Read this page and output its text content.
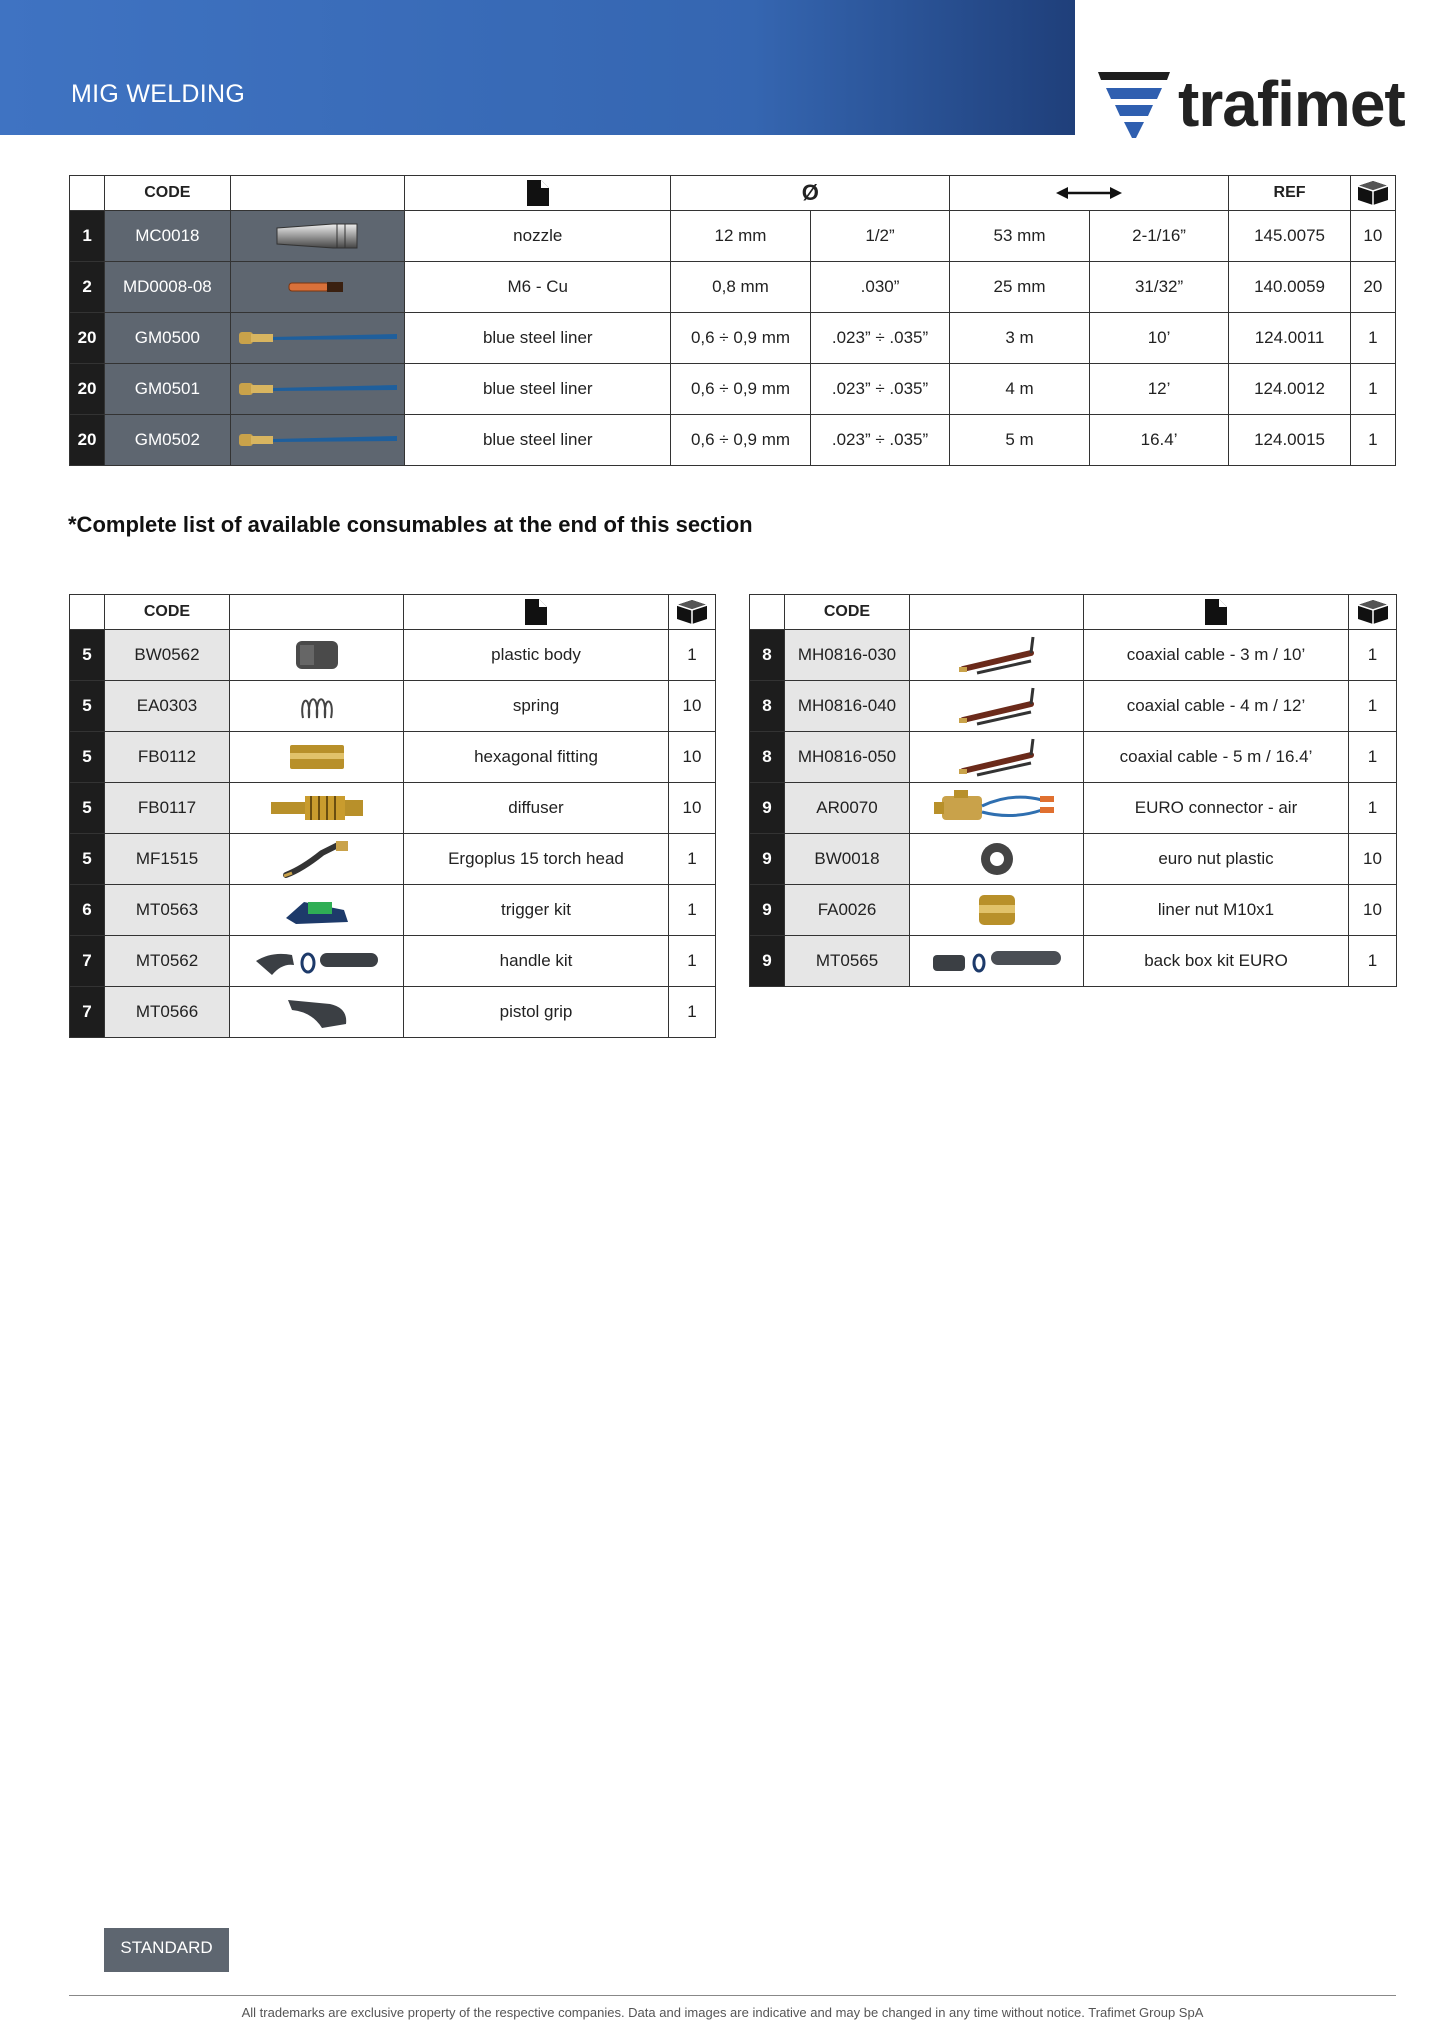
MIG WELDING	trafimet
	CODE			Ø				REF	

1	MC0018		nozzle	12 mm	1/2”	53 mm	2-1/16”	145.0075	10
2	MD0008-08		M6 - Cu	0,8 mm	.030”	25 mm	31/32”	140.0059	20
20	GM0500		blue steel liner	0,6 ÷ 0,9 mm	.023” ÷ .035”	3 m	10’	124.0011	1
20	GM0501		blue steel liner	0,6 ÷ 0,9 mm	.023” ÷ .035”	4 m	12’	124.0012	1
20	GM0502		blue steel liner	0,6 ÷ 0,9 mm	.023” ÷ .035”	5 m	16.4’	124.0015	1
*Complete list of available consumables at the end of this section
	CODE		

5	BW0562		plastic body	1
5	EA0303		spring	10
5	FB0112		hexagonal fitting	10
5	FB0117		diffuser	10
5	MF1515		Ergoplus 15 torch head	1
6	MT0563		trigger kit	1
7	MT0562		handle kit	1
7	MT0566		pistol grip	1
	CODE		

8	MH0816-030		coaxial cable - 3 m / 10’	1
8	MH0816-040		coaxial cable - 4 m / 12’	1
8	MH0816-050		coaxial cable - 5 m / 16.4’	1
9	AR0070		EURO connector - air	1
9	BW0018		euro nut plastic	10
9	FA0026		liner nut M10x1	10
9	MT0565		back box kit EURO	1
STANDARD
All trademarks are exclusive property of the respective companies. Data and images are indicative and may be changed in any time without notice. Trafimet Group SpA
